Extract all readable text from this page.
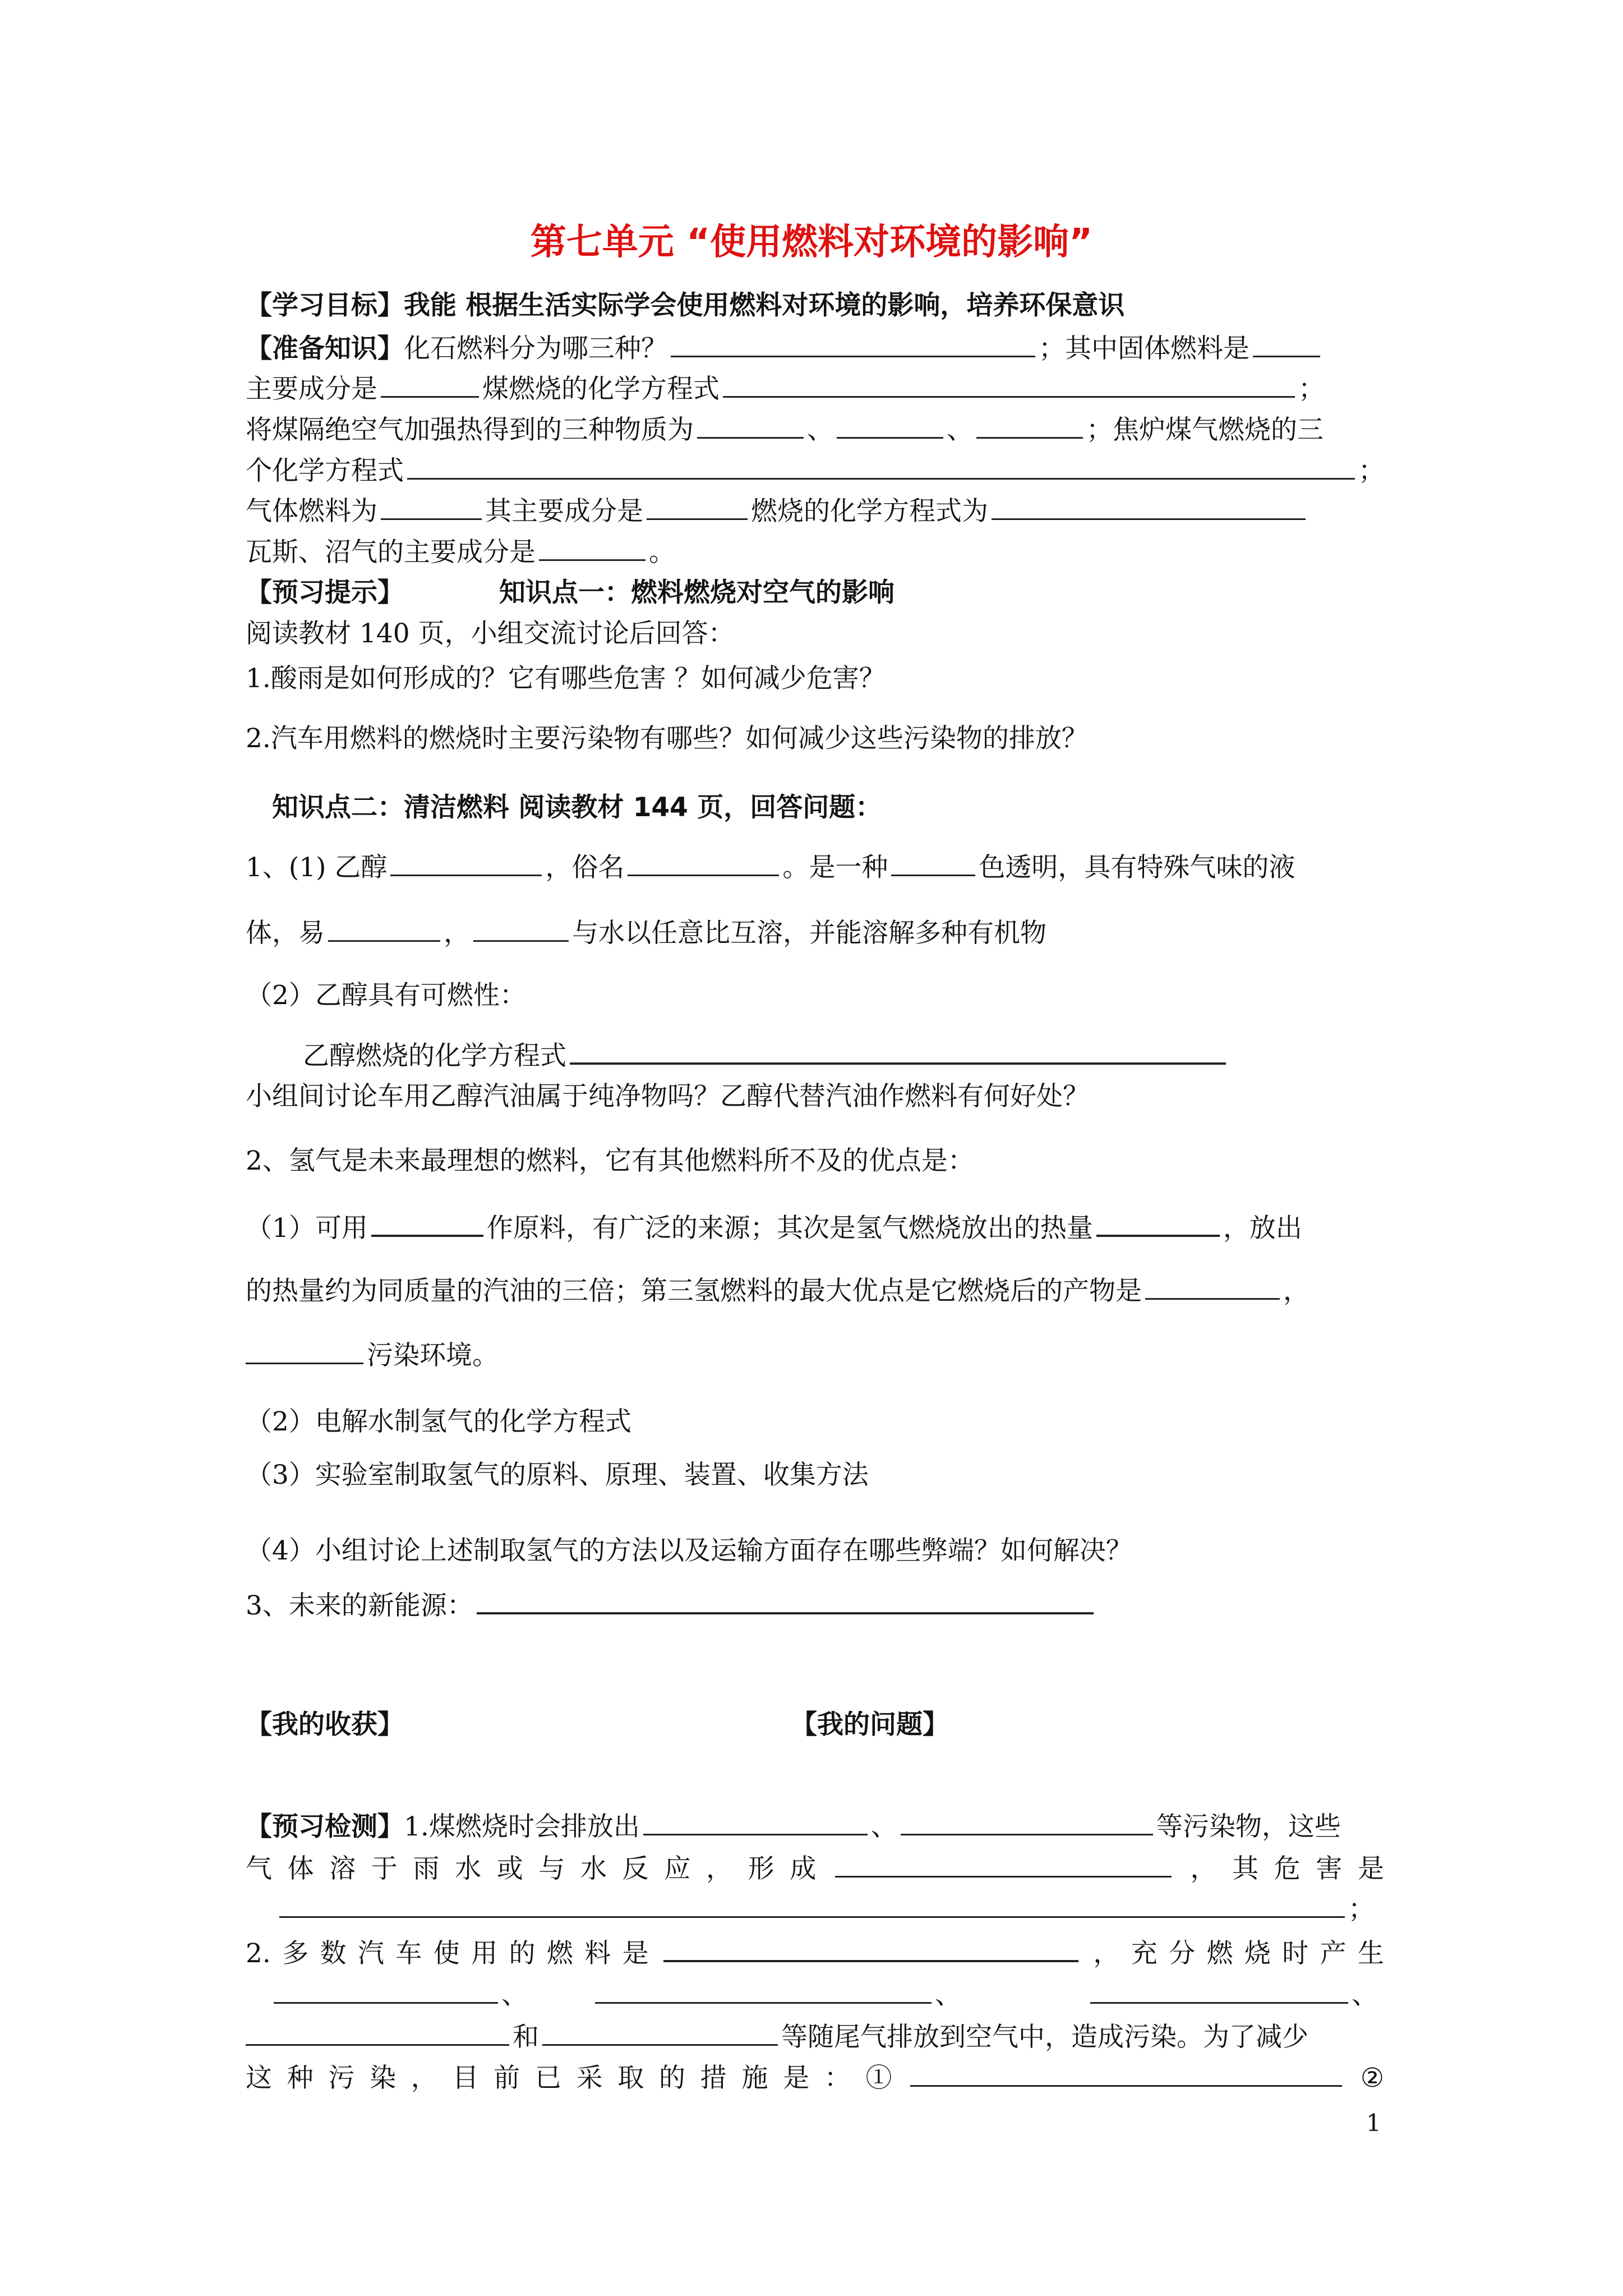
第七单元 “使用燃料对环境的影响”
【学习目标】我能 根据生活实际学会使用燃料对环境的影响，培养环保意识
【准备知识】化石燃料分为哪三种？	；其中固体燃料是
主要成分是	煤燃烧的化学方程式	；
将煤隔绝空气加强热得到的三种物质为	、	、	；焦炉煤气燃烧的三
个化学方程式	；
气体燃料为	其主要成分是	燃烧的化学方程式为
瓦斯、沼气的主要成分是	。
【预习提示】	知识点一：燃料燃烧对空气的影响
阅读教材 140 页，小组交流讨论后回答：
1.酸雨是如何形成的？它有哪些危害 ？如何减少危害？
2.汽车用燃料的燃烧时主要污染物有哪些？如何减少这些污染物的排放？
知识点二：清洁燃料 阅读教材 144 页，回答问题：
1、(1) 乙醇	，俗名	。是一种	色透明，具有特殊气味的液
体，易	，	与水以任意比互溶，并能溶解多种有机物
（2）乙醇具有可燃性：
乙醇燃烧的化学方程式
小组间讨论车用乙醇汽油属于纯净物吗？乙醇代替汽油作燃料有何好处？
2、氢气是未来最理想的燃料，它有其他燃料所不及的优点是：
（1）可用	作原料，有广泛的来源；其次是氢气燃烧放出的热量	，放出
的热量约为同质量的汽油的三倍；第三氢燃料的最大优点是它燃烧后的产物是	，
污染环境。
（2）电解水制氢气的化学方程式
（3）实验室制取氢气的原料、原理、装置、收集方法
（4）小组讨论上述制取氢气的方法以及运输方面存在哪些弊端？如何解决？
3、未来的新能源：
【我的收获】	【我的问题】
【预习检测】1.煤燃烧时会排放出	、	等污染物，这些
气体溶于雨水或与水反应，形成	，其危害是
；
2.多数汽车使用的燃料是	，充分燃烧时产生
、	、	、
和	等随尾气排放到空气中，造成污染。为了减少
这种污染，目前已采取的措施是：①	②
1
